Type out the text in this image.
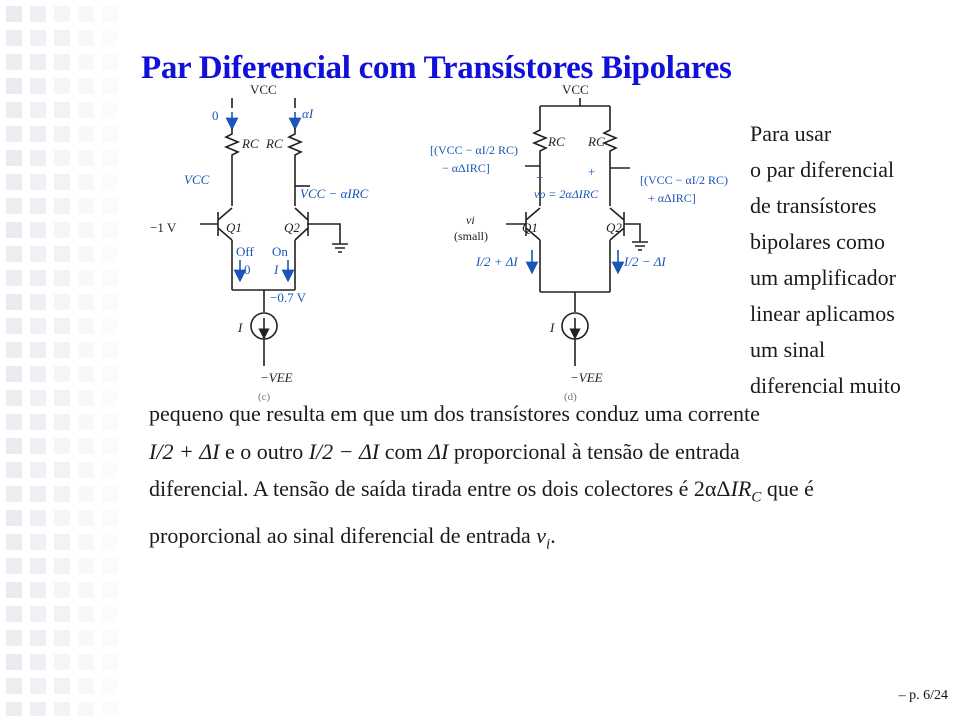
Par Diferencial com Transístores Bipolares
VCC
0	αI
RC RC
VCC
VCC − αIRC
−1 V	Q1	Q2
Off On
0 I
−0.7 V
I
−VEE
(c)
VCC
RC RC
[(VCC − αI/2 RC)
− αΔIRC]
[(VCC − αI/2 RC)
+ αΔIRC]
vo = 2αΔIRC
−	+
vi
(small)
Q1	Q2
I/2 + ΔI	I/2 − ΔI
I
−VEE
(d)
Para usar
o par diferencial
de transístores
bipolares como
um amplificador
linear aplicamos
um sinal
diferencial muito
pequeno que resulta em que um dos transístores conduz uma corrente
I/2 + ΔI e o outro I/2 − ΔI com ΔI proporcional à tensão de entrada
diferencial. A tensão de saída tirada entre os dois colectores é 2αΔIR$_C$ que é
proporcional ao sinal diferencial de entrada $v_i$.
– p. 6/24
